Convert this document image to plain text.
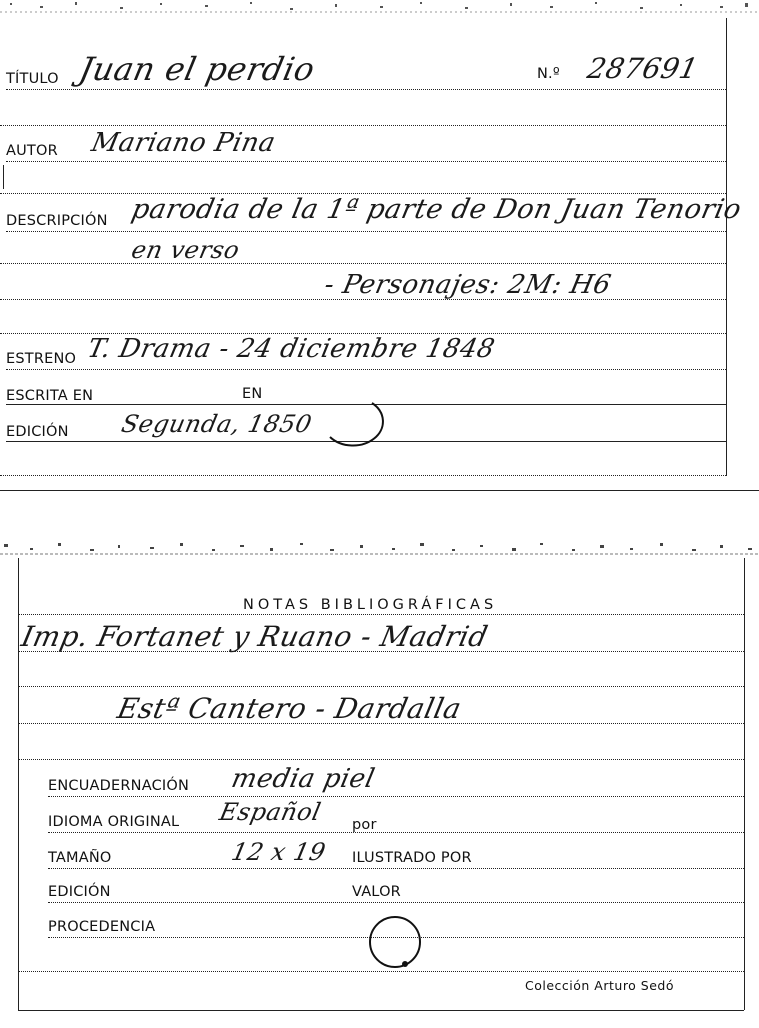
TÍTULO Juan el perdio	N.º 287691
AUTOR Mariano Pina
DESCRIPCIÓN parodia de la 1ª parte de Don Juan Tenorio
en verso
- Personajes: 2M: H6
ESTRENO T. Drama - 24 diciembre 1848
ESCRITA EN	EN
EDICIÓN Segunda, 1850
NOTAS BIBLIOGRÁFICAS
Imp. Fortanet y Ruano - Madrid
Estª Cantero - Dardalla
ENCUADERNACIÓN media piel
IDIOMA ORIGINAL Español por
TAMAÑO	12 x 19 ILUSTRADO POR
EDICIÓN	VALOR
PROCEDENCIA
Colección Arturo Sedó
